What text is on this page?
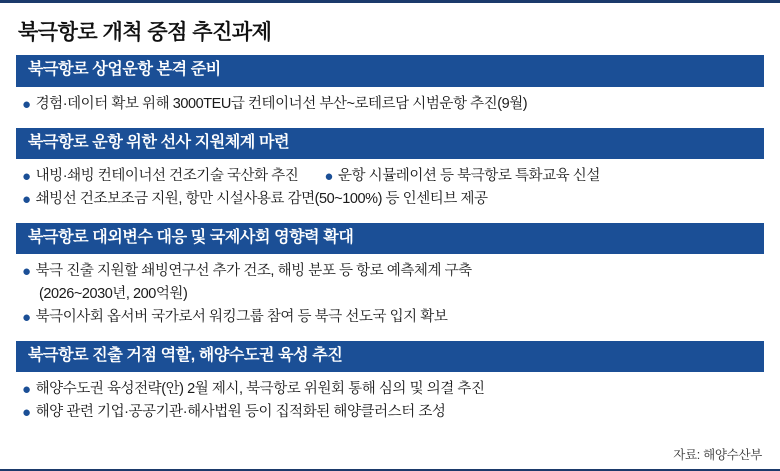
북극항로 개척 중점 추진과제
북극항로 상업운항 본격 준비
● 경험·데이터 확보 위해 3000TEU급 컨테이너선 부산~로테르담 시범운항 추진(9월)
북극항로 운항 위한 선사 지원체계 마련
● 내빙·쇄빙 컨테이너선 건조기술 국산화 추진 ● 운항 시뮬레이션 등 북극항로 특화교육 신설
● 쇄빙선 건조보조금 지원, 항만 시설사용료 감면(50~100%) 등 인센티브 제공
북극항로 대외변수 대응 및 국제사회 영향력 확대
● 북극 진출 지원할 쇄빙연구선 추가 건조, 해빙 분포 등 항로 예측체계 구축
(2026~2030년, 200억원)
● 북극이사회 옵서버 국가로서 워킹그룹 참여 등 북극 선도국 입지 확보
북극항로 진출 거점 역할, 해양수도권 육성 추진
● 해양수도권 육성전략(안) 2월 제시, 북극항로 위원회 통해 심의 및 의결 추진
● 해양 관련 기업·공공기관·해사법원 등이 집적화된 해양클러스터 조성
자료: 해양수산부
